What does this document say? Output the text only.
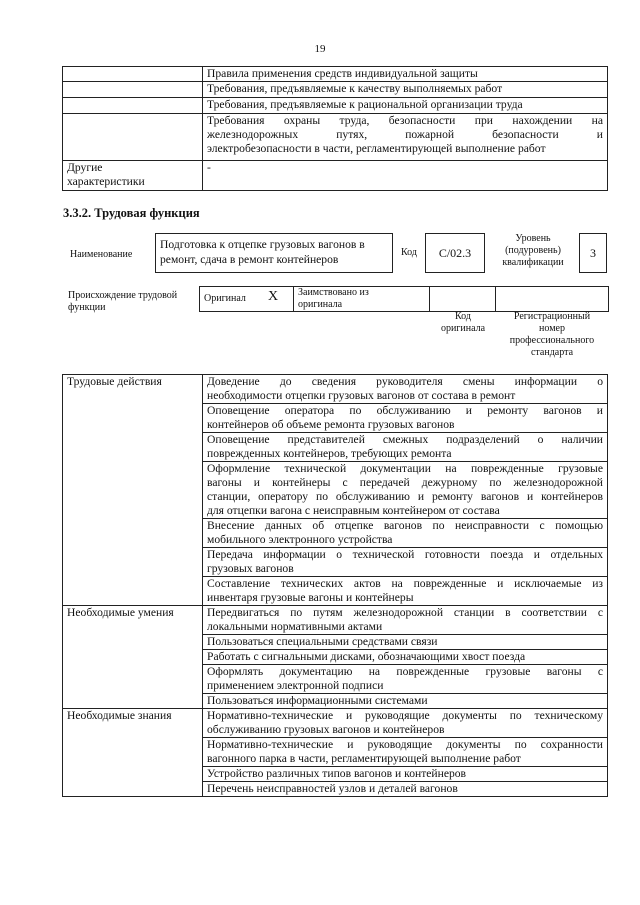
19
	Правила применения средств индивидуальной защиты
	Требования, предъявляемые к качеству выполняемых работ
	Требования, предъявляемые к рациональной организации труда

	Требования охраны труда, безопасности при нахождении на
железнодорожных путях, пожарной безопасности и
электробезопасности в части, регламентирующей выполнение работ

Другие
характеристики	-
3.3.2. Трудовая функция
Наименование
Подготовка к отцепке грузовых вагонов в
ремонт, сдача в ремонт контейнеров
Код	C/02.3
Уровень
(подуровень)
квалификации
3
Происхождение трудовой
функции
Оригинал X	Заимствовано из
оригинала

Код
оригинала
Регистрационный
номер
профессионального
стандарта
Трудовые действия	Доведение до сведения руководителя смены информации о
необходимости отцепки грузовых вагонов от состава в ремонт

	Оповещение оператора по обслуживанию и ремонту вагонов и
контейнеров об объеме ремонта грузовых вагонов

	Оповещение представителей смежных подразделений о наличии
поврежденных контейнеров, требующих ремонта

	Оформление технической документации на поврежденные грузовые
вагоны и контейнеры с передачей дежурному по железнодорожной
станции, оператору по обслуживанию и ремонту вагонов и контейнеров
для отцепки вагона с неисправным контейнером от состава

	Внесение данных об отцепке вагонов по неисправности с помощью
мобильного электронного устройства

	Передача информации о технической готовности поезда и отдельных
грузовых вагонов

	Составление технических актов на поврежденные и исключаемые из
инвентаря грузовые вагоны и контейнеры

Необходимые умения	Передвигаться по путям железнодорожной станции в соответствии с
локальными нормативными актами

	Пользоваться специальными средствами связи
	Работать с сигнальными дисками, обозначающими хвост поезда

	Оформлять документацию на поврежденные грузовые вагоны с
применением электронной подписи

	Пользоваться информационными системами
Необходимые знания	Нормативно-технические и руководящие документы по техническому
обслуживанию грузовых вагонов и контейнеров

	Нормативно-технические и руководящие документы по сохранности
вагонного парка в части, регламентирующей выполнение работ

	Устройство различных типов вагонов и контейнеров
	Перечень неисправностей узлов и деталей вагонов
